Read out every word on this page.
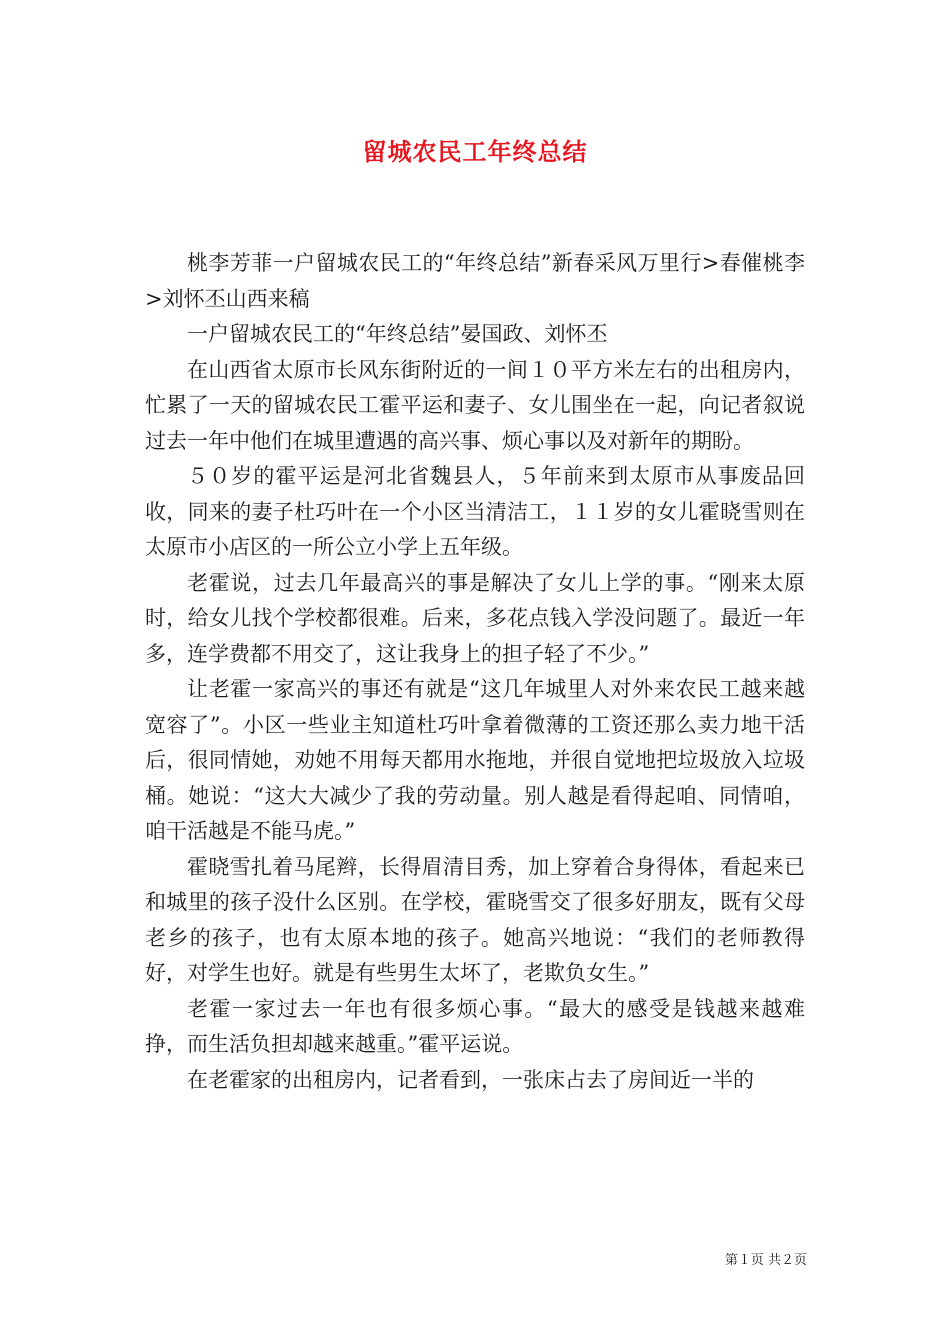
留城农民工年终总结

桃李芳菲一户留城农民工的“年终总结”新春采风万里行>春催桃李>刘怀丕山西来稿

一户留城农民工的“年终总结”晏国政、刘怀丕

在山西省太原市长风东街附近的一间１０平方米左右的出租房内，忙累了一天的留城农民工霍平运和妻子、女儿围坐在一起，向记者叙说过去一年中他们在城里遭遇的高兴事、烦心事以及对新年的期盼。

５０岁的霍平运是河北省魏县人，５年前来到太原市从事废品回收，同来的妻子杜巧叶在一个小区当清洁工，１１岁的女儿霍晓雪则在太原市小店区的一所公立小学上五年级。

老霍说，过去几年最高兴的事是解决了女儿上学的事。“刚来太原时，给女儿找个学校都很难。后来，多花点钱入学没问题了。最近一年多，连学费都不用交了，这让我身上的担子轻了不少。”

让老霍一家高兴的事还有就是“这几年城里人对外来农民工越来越宽容了”。小区一些业主知道杜巧叶拿着微薄的工资还那么卖力地干活后，很同情她，劝她不用每天都用水拖地，并很自觉地把垃圾放入垃圾桶。她说：“这大大减少了我的劳动量。别人越是看得起咱、同情咱，咱干活越是不能马虎。”

霍晓雪扎着马尾辫，长得眉清目秀，加上穿着合身得体，看起来已和城里的孩子没什么区别。在学校，霍晓雪交了很多好朋友，既有父母老乡的孩子，也有太原本地的孩子。她高兴地说：“我们的老师教得好，对学生也好。就是有些男生太坏了，老欺负女生。”

老霍一家过去一年也有很多烦心事。“最大的感受是钱越来越难挣，而生活负担却越来越重。”霍平运说。

在老霍家的出租房内，记者看到，一张床占去了房间近一半的

第１页 共２页
